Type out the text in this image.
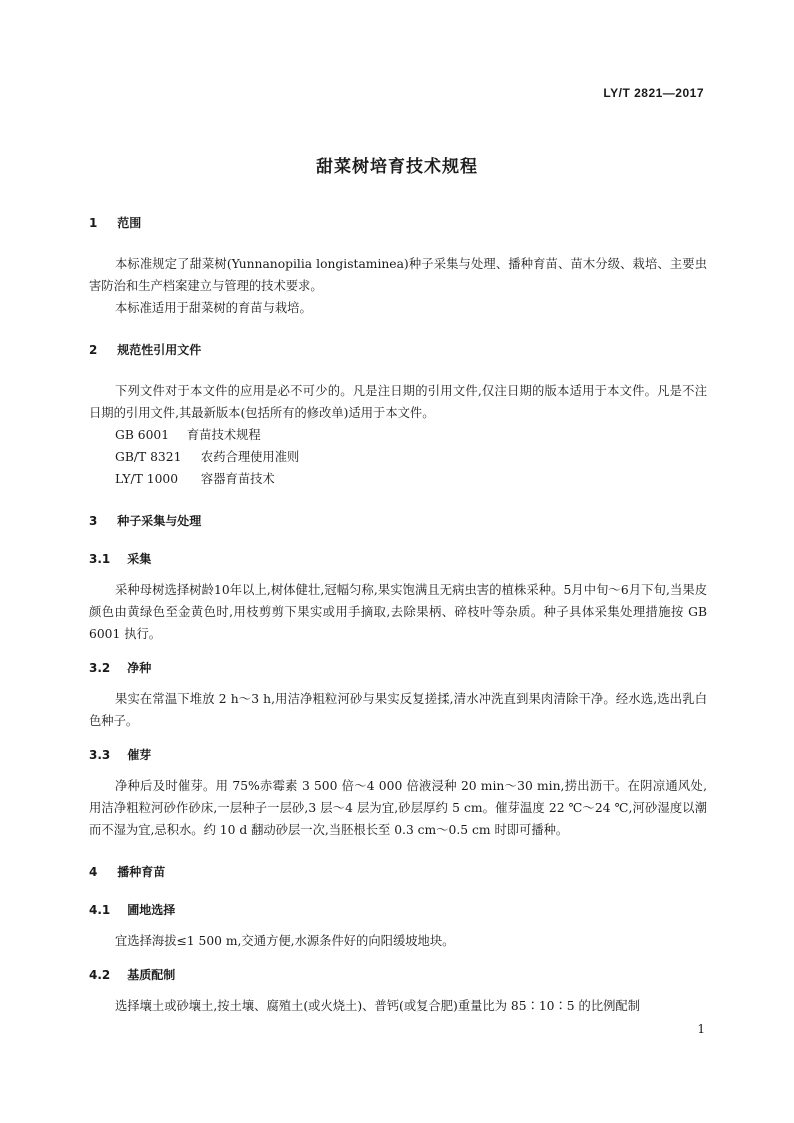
LY/T 2821—2017
甜菜树培育技术规程
1 范围

本标准规定了甜菜树(Yunnanopilia longistaminea)种子采集与处理、播种育苗、苗木分级、栽培、主要虫害防治和生产档案建立与管理的技术要求。

本标准适用于甜菜树的育苗与栽培。

2 规范性引用文件

下列文件对于本文件的应用是必不可少的。凡是注日期的引用文件,仅注日期的版本适用于本文件。凡是不注日期的引用文件,其最新版本(包括所有的修改单)适用于本文件。

GB 6001 育苗技术规程
GB/T 8321 农药合理使用准则
LY/T 1000 容器育苗技术
3 种子采集与处理
3.1 采集

采种母树选择树龄10年以上,树体健壮,冠幅匀称,果实饱满且无病虫害的植株采种。5月中旬～6月下旬,当果皮颜色由黄绿色至金黄色时,用枝剪剪下果实或用手摘取,去除果柄、碎枝叶等杂质。种子具体采集处理措施按 GB 6001 执行。

3.2 净种

果实在常温下堆放 2 h～3 h,用洁净粗粒河砂与果实反复搓揉,清水冲洗直到果肉清除干净。经水选,选出乳白色种子。

3.3 催芽

净种后及时催芽。用 75%赤霉素 3 500 倍～4 000 倍液浸种 20 min～30 min,捞出沥干。在阴凉通风处,用洁净粗粒河砂作砂床,一层种子一层砂,3 层～4 层为宜,砂层厚约 5 cm。催芽温度 22 ℃～24 ℃,河砂湿度以潮而不湿为宜,忌积水。约 10 d 翻动砂层一次,当胚根长至 0.3 cm～0.5 cm 时即可播种。

4 播种育苗
4.1 圃地选择

宜选择海拔≤1 500 m,交通方便,水源条件好的向阳缓坡地块。

4.2 基质配制

选择壤土或砂壤土,按土壤、腐殖土(或火烧土)、普钙(或复合肥)重量比为 85∶10∶5 的比例配制

1
